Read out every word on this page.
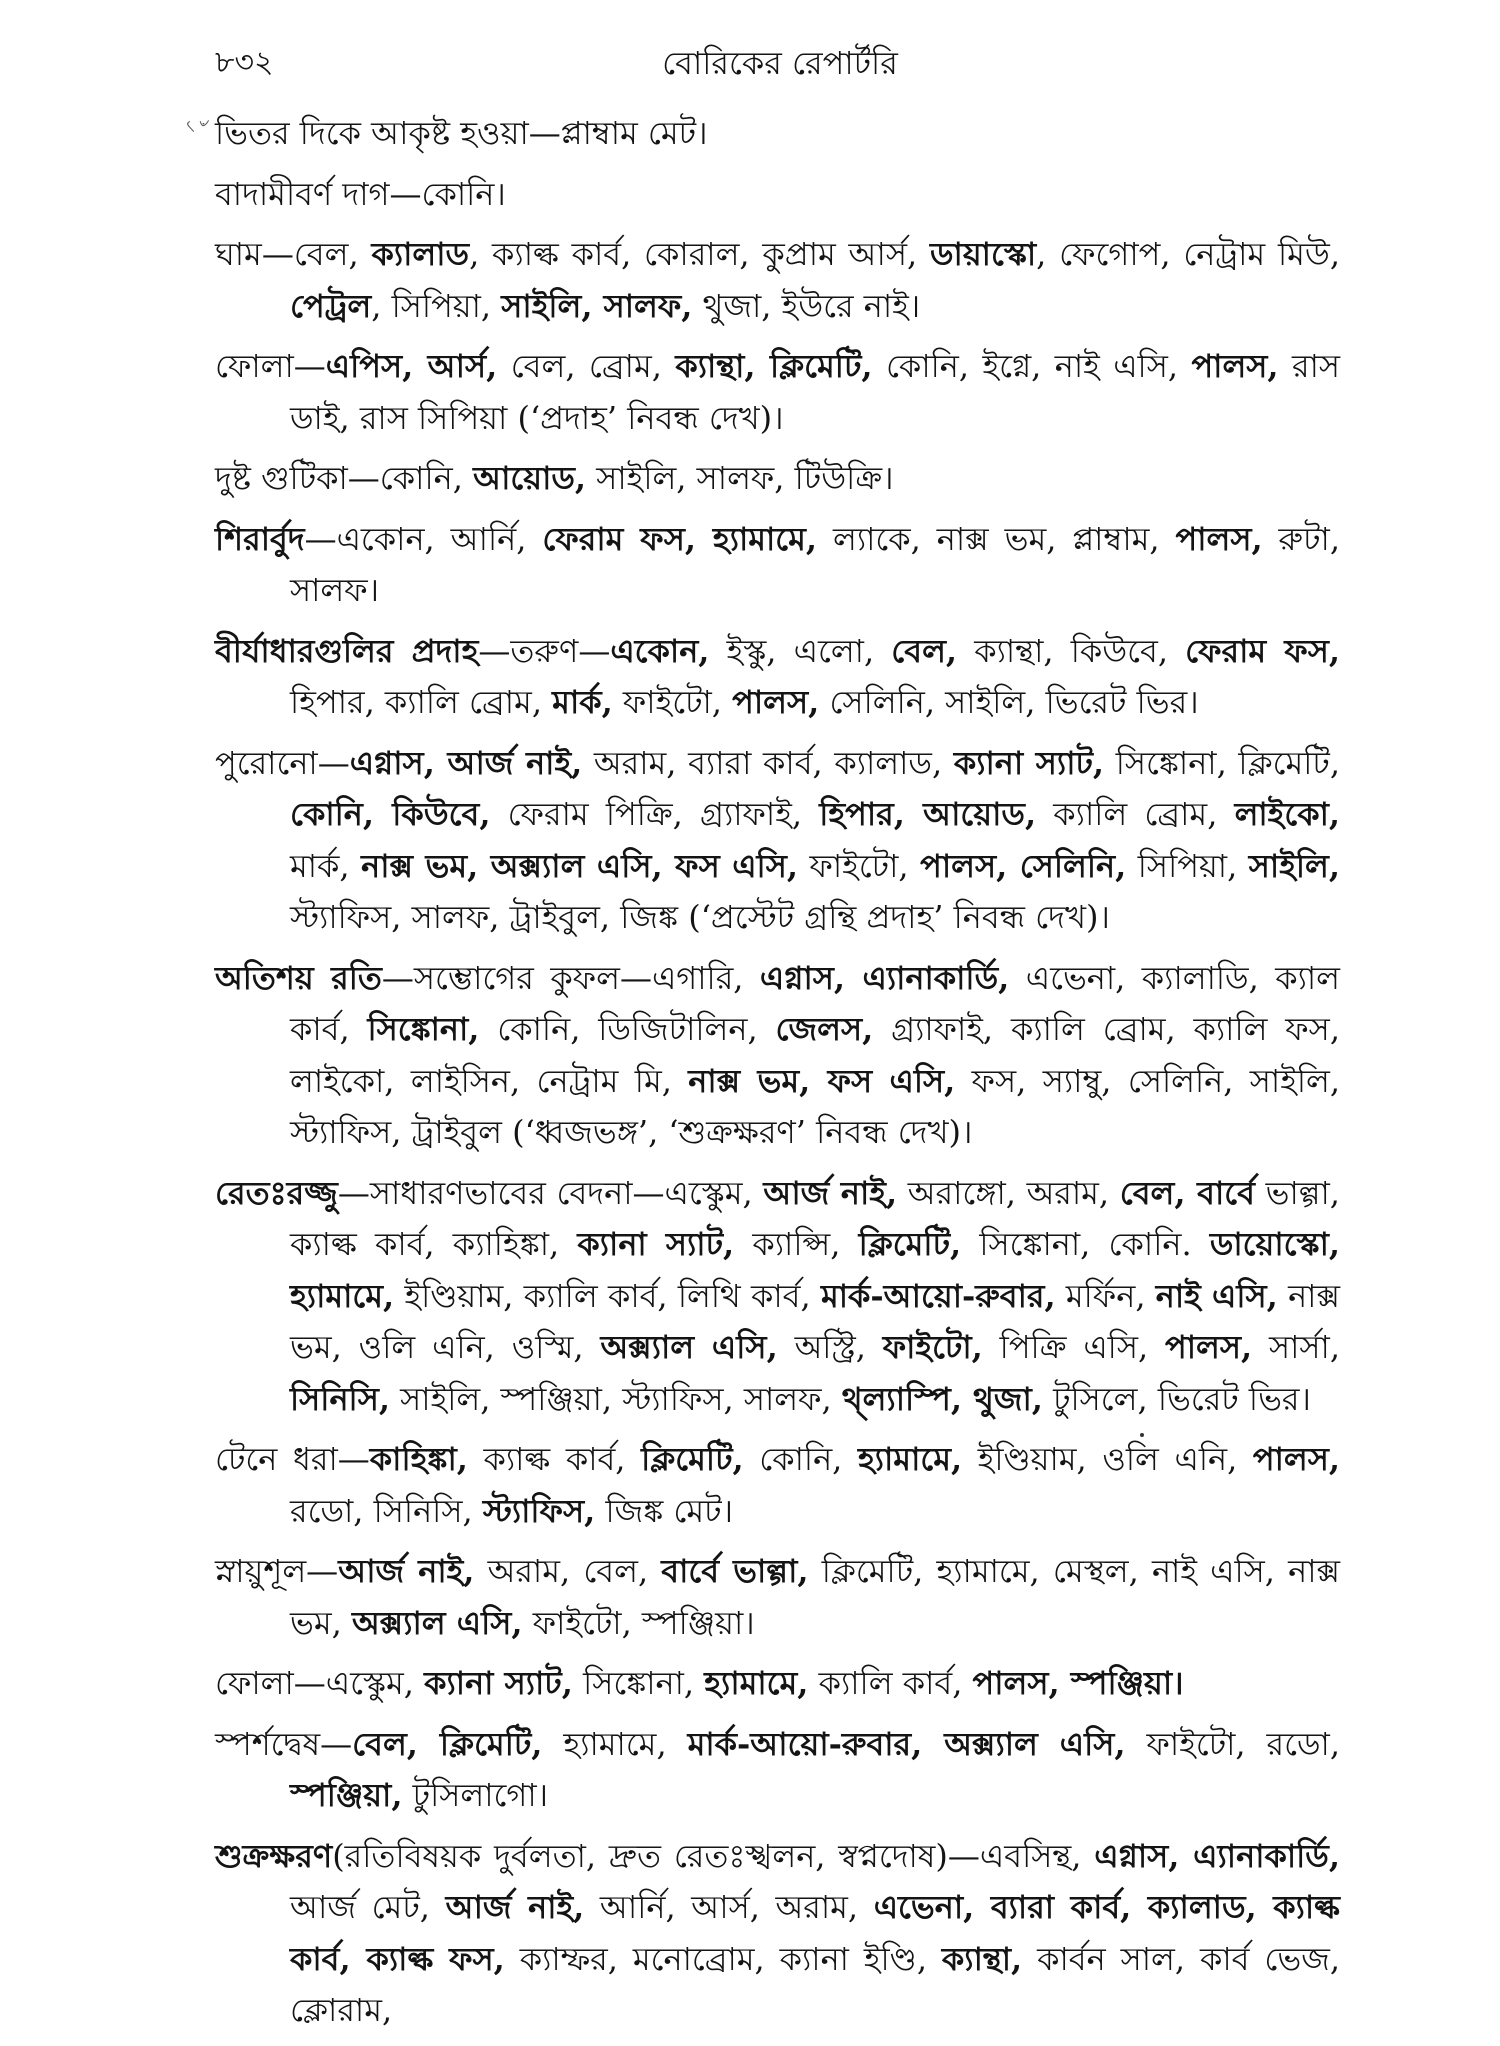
৮৩২	বোরিকের রেপার্টরি
৻৺ ভিতর দিকে আকৃষ্ট হওয়া—প্লাম্বাম মেট।

বাদামীবর্ণ দাগ—কোনি।

ঘাম—বেল, ক্যালাড, ক্যাল্ক কার্ব, কোরাল, কুপ্রাম আর্স, ডায়াস্কো, ফেগোপ, নেট্রাম মিউ, পেট্রল, সিপিয়া, সাইলি, সালফ, থুজা, ইউরে নাই।

ফোলা—এপিস, আর্স, বেল, ব্রোম, ক্যান্থা, ক্লিমেটি, কোনি, ইগ্নে, নাই এসি, পালস, রাস ডাই, রাস সিপিয়া (‘প্রদাহ’ নিবন্ধ দেখ)।

দুষ্ট গুটিকা—কোনি, আয়োড, সাইলি, সালফ, টিউক্রি।

শিরার্বুদ—একোন, আর্নি, ফেরাম ফস, হ্যামামে, ল্যাকে, নাক্স ভম, প্লাম্বাম, পালস, রুটা, সালফ।

বীর্যাধারগুলির প্রদাহ—তরুণ—একোন, ইস্কু, এলো, বেল, ক্যান্থা, কিউবে, ফেরাম ফস, হিপার, ক্যালি ব্রোম, মার্ক, ফাইটো, পালস, সেলিনি, সাইলি, ভিরেট ভির।

পুরোনো—এগ্নাস, আর্জ নাই, অরাম, ব্যারা কার্ব, ক্যালাড, ক্যানা স্যাট, সিঙ্কোনা, ক্লিমেটি, কোনি, কিউবে, ফেরাম পিক্রি, গ্র্যাফাই, হিপার, আয়োড, ক্যালি ব্রোম, লাইকো, মার্ক, নাক্স ভম, অক্স্যাল এসি, ফস এসি, ফাইটো, পালস, সেলিনি, সিপিয়া, সাইলি, স্ট্যাফিস, সালফ, ট্রাইবুল, জিঙ্ক (‘প্রস্টেট গ্রন্থি প্রদাহ’ নিবন্ধ দেখ)।

অতিশয় রতি—সম্ভোগের কুফল—এগারি, এগ্নাস, এ্যানাকার্ডি, এভেনা, ক্যালাডি, ক্যাল কার্ব, সিঙ্কোনা, কোনি, ডিজিটালিন, জেলস, গ্র্যাফাই, ক্যালি ব্রোম, ক্যালি ফস, লাইকো, লাইসিন, নেট্রাম মি, নাক্স ভম, ফস এসি, ফস, স্যাম্বু, সেলিনি, সাইলি, স্ট্যাফিস, ট্রাইবুল (‘ধ্বজভঙ্গ’, ‘শুক্রক্ষরণ’ নিবন্ধ দেখ)।

রেতঃরজ্জু—সাধারণভাবের বেদনা—এস্কুেম, আর্জ নাই, অরাঙ্গো, অরাম, বেল, বার্বে ভাল্গা, ক্যাল্ক কার্ব, ক্যাহিঙ্কা, ক্যানা স্যাট, ক্যাপ্সি, ক্লিমেটি, সিঙ্কোনা, কোনি. ডায়োস্কো, হ্যামামে, ইণ্ডিয়াম, ক্যালি কার্ব, লিথি কার্ব, মার্ক-আয়ো-রুবার, মর্ফিন, নাই এসি, নাক্স ভম, ওলি এনি, ওস্মি, অক্স্যাল এসি, অস্ট্রি, ফাইটো, পিক্রি এসি, পালস, সার্সা, সিনিসি, সাইলি, স্পঞ্জিয়া, স্ট্যাফিস, সালফ, থ্ল্যাস্পি, থুজা, টুসিলে, ভিরেট ভির।

টেনে ধরা—কাহিঙ্কা, ক্যাল্ক কার্ব, ক্লিমেটি, কোনি, হ্যামামে, ইণ্ডিয়াম, ওলি এনি, পালস, রডো, সিনিসি, স্ট্যাফিস, জিঙ্ক মেট।

স্নায়ুশূল—আর্জ নাই, অরাম, বেল, বার্বে ভাল্গা, ক্লিমেটি, হ্যামামে, মেস্থল, নাই এসি, নাক্স ভম, অক্স্যাল এসি, ফাইটো, স্পঞ্জিয়া।

ফোলা—এস্কুেম, ক্যানা স্যাট, সিঙ্কোনা, হ্যামামে, ক্যালি কার্ব, পালস, স্পঞ্জিয়া।

স্পর্শদ্বেষ—বেল, ক্লিমেটি, হ্যামামে, মার্ক-আয়ো-রুবার, অক্স্যাল এসি, ফাইটো, রডো, স্পঞ্জিয়া, টুসিলাগো।

শুক্রক্ষরণ(রতিবিষয়ক দুর্বলতা, দ্রুত রেতঃস্খলন, স্বপ্নদোষ)—এবসিন্থ, এগ্নাস, এ্যানাকার্ডি, আর্জ মেট, আর্জ নাই, আর্নি, আর্স, অরাম, এভেনা, ব্যারা কার্ব, ক্যালাড, ক্যাল্ক কার্ব, ক্যাল্ক ফস, ক্যাম্ফর, মনোব্রোম, ক্যানা ইণ্ডি, ক্যান্থা, কার্বন সাল, কার্ব ভেজ, ক্লোরাম,
